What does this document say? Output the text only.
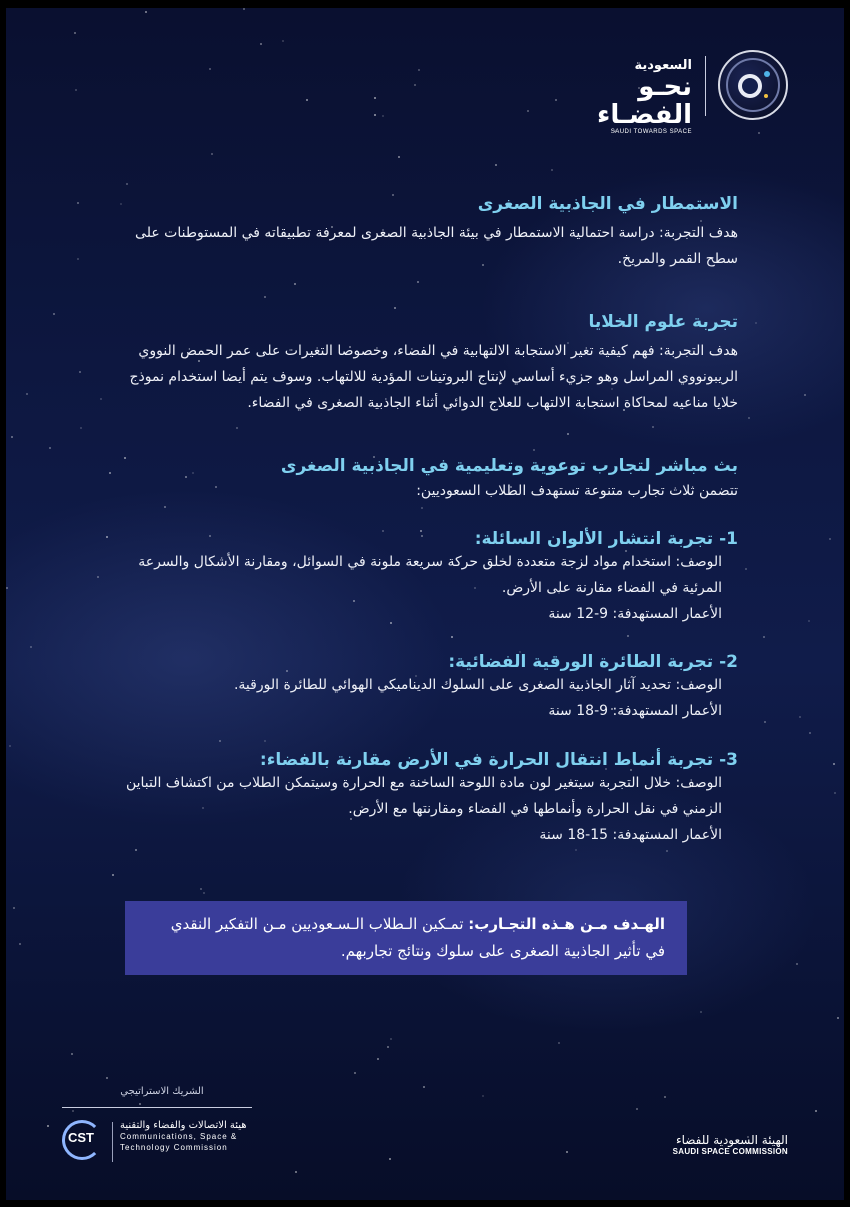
السعودية
نحـو الفضـاء
SAUDI TOWARDS SPACE

الاستمطار في الجاذبية الصغرى

هدف التجربة: دراسة احتمالية الاستمطار في بيئة الجاذبية الصغرى لمعرفة تطبيقاته في المستوطنات على سطح القمر والمريخ.

تجربة علوم الخلايا

هدف التجربة: فهم كيفية تغير الاستجابة الالتهابية في الفضاء، وخصوصا التغيرات على عمر الحمض النووي الريبونووي المراسل وهو جزيء أساسي لإنتاج البروتينات المؤدية للالتهاب. وسوف يتم أيضا استخدام نموذج خلايا مناعيه لمحاكاة استجابة الالتهاب للعلاج الدوائي أثناء الجاذبية الصغرى في الفضاء.

بث مباشر لتجارب توعوية وتعليمية في الجاذبية الصغرى

تتضمن ثلاث تجارب متنوعة تستهدف الطلاب السعوديين:

1- تجربة انتشار الألوان السائلة:

الوصف: استخدام مواد لزجة متعددة لخلق حركة سريعة ملونة في السوائل، ومقارنة الأشكال والسرعة المرئية في الفضاء مقارنة على الأرض.

الأعمار المستهدفة: 9-12 سنة

2- تجربة الطائرة الورقية الفضائية:

الوصف: تحديد آثار الجاذبية الصغرى على السلوك الديناميكي الهوائي للطائرة الورقية.

الأعمار المستهدفة: 9-18 سنة

3- تجربة أنماط انتقال الحرارة في الأرض مقارنة بالفضاء:

الوصف: خلال التجربة سيتغير لون مادة اللوحة الساخنة مع الحرارة وسيتمكن الطلاب من اكتشاف التباين الزمني في نقل الحرارة وأنماطها في الفضاء ومقارنتها مع الأرض.

الأعمار المستهدفة: 15-18 سنة

الهـدف مـن هـذه التجـارب: تمـكين الـطلاب الـسـعوديين مـن التفكير النقدي في تأثير الجاذبية الصغرى على سلوك ونتائج تجاربهم.
الشريك الاستراتيجي
CST
هيئة الاتصالات والفضاء والتقنية
Communications, Space &
Technology Commission
الهيئة السعودية للفضاء
SAUDI SPACE COMMISSION
